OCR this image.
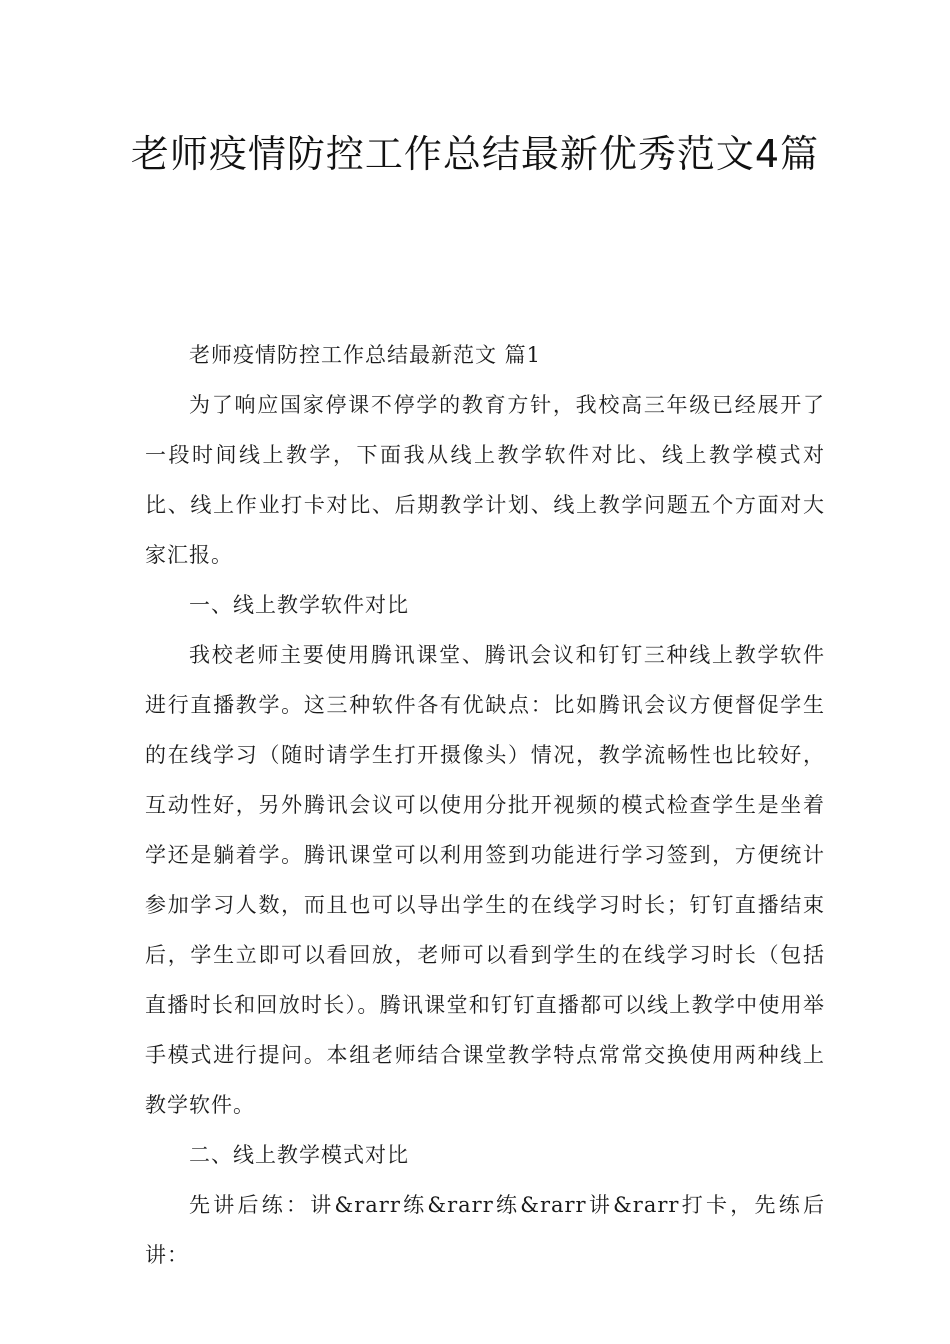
老师疫情防控工作总结最新优秀范文4篇

老师疫情防控工作总结最新范文 篇1

为了响应国家停课不停学的教育方针，我校高三年级已经展开了一段时间线上教学，下面我从线上教学软件对比、线上教学模式对比、线上作业打卡对比、后期教学计划、线上教学问题五个方面对大家汇报。

一、线上教学软件对比

我校老师主要使用腾讯课堂、腾讯会议和钉钉三种线上教学软件进行直播教学。这三种软件各有优缺点：比如腾讯会议方便督促学生的在线学习（随时请学生打开摄像头）情况，教学流畅性也比较好，互动性好，另外腾讯会议可以使用分批开视频的模式检查学生是坐着学还是躺着学。腾讯课堂可以利用签到功能进行学习签到，方便统计参加学习人数，而且也可以导出学生的在线学习时长；钉钉直播结束后，学生立即可以看回放，老师可以看到学生的在线学习时长（包括直播时长和回放时长）。腾讯课堂和钉钉直播都可以线上教学中使用举手模式进行提问。本组老师结合课堂教学特点常常交换使用两种线上教学软件。

二、线上教学模式对比

先讲后练：讲&rarr练&rarr练&rarr讲&rarr打卡，先练后讲：
